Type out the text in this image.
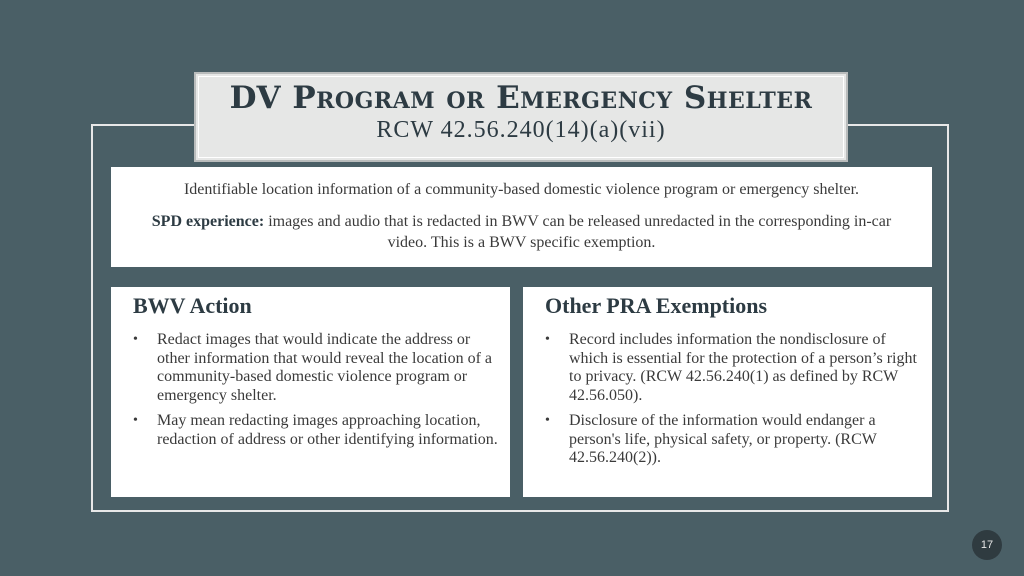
DV Program or Emergency Shelter
RCW 42.56.240(14)(a)(vii)

Identifiable location information of a community-based domestic violence program or emergency shelter.

SPD experience: images and audio that is redacted in BWV can be released unredacted in the corresponding in-car video. This is a BWV specific exemption.

BWV Action
• Redact images that would indicate the address or other information that would reveal the location of a community-based domestic violence program or emergency shelter.
• May mean redacting images approaching location, redaction of address or other identifying information.
Other PRA Exemptions
• Record includes information the nondisclosure of which is essential for the protection of a person’s right to privacy. (RCW 42.56.240(1) as defined by RCW 42.56.050).
• Disclosure of the information would endanger a person's life, physical safety, or property. (RCW 42.56.240(2)).
17
